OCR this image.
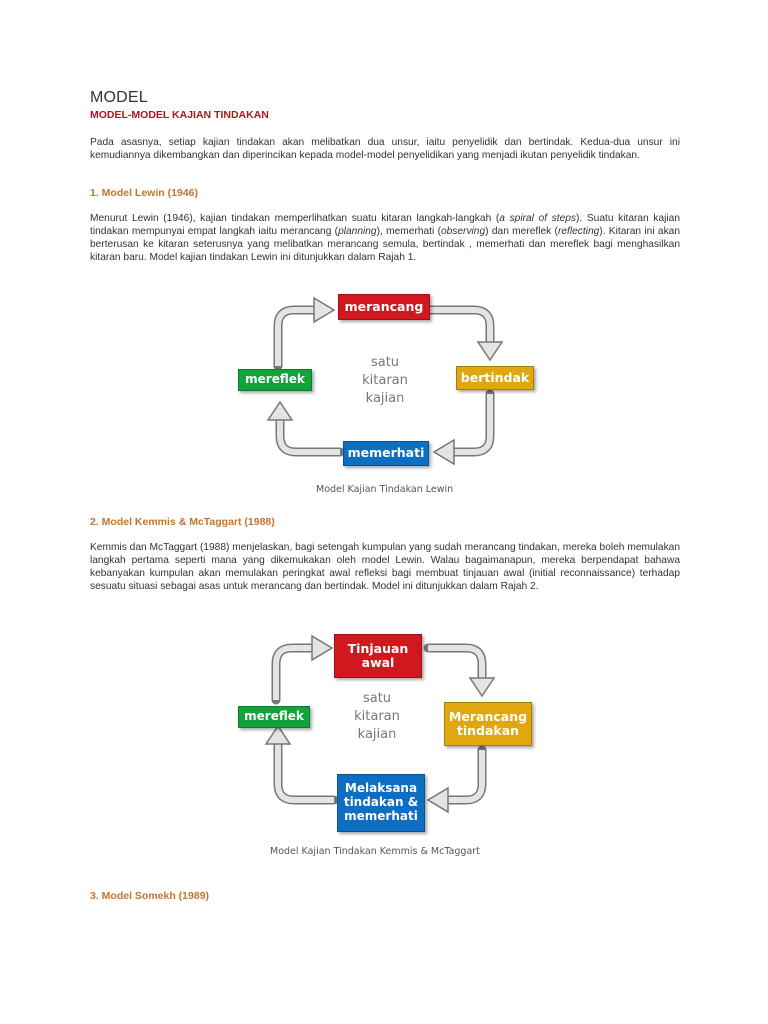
MODEL

MODEL-MODEL KAJIAN TINDAKAN

Pada asasnya, setiap kajian tindakan akan melibatkan dua unsur, iaitu penyelidik dan bertindak. Kedua-dua unsur ini kemudiannya dikembangkan dan diperincikan kepada model-model penyelidikan yang menjadi ikutan penyelidik tindakan.

1. Model Lewin (1946)

Menurut Lewin (1946), kajian tindakan memperlihatkan suatu kitaran langkah-langkah (a spiral of steps). Suatu kitaran kajian tindakan mempunyai empat langkah iaitu merancang (planning), memerhati (observing) dan mereflek (reflecting). Kitaran ini akan berterusan ke kitaran seterusnya yang melibatkan merancang semula, bertindak , memerhati dan mereflek bagi menghasilkan kitaran baru. Model kajian tindakan Lewin ini ditunjukkan dalam Rajah 1.

merancang
bertindak
memerhati
mereflek
satu
kitaran
kajian
Model Kajian Tindakan Lewin

2. Model Kemmis & McTaggart (1988)

Kemmis dan McTaggart (1988) menjelaskan, bagi setengah kumpulan yang sudah merancang tindakan, mereka boleh memulakan langkah pertama seperti mana yang dikemukakan oleh model Lewin. Walau bagaimanapun, mereka berpendapat bahawa kebanyakan kumpulan akan memulakan peringkat awal refleksi bagi membuat tinjauan awal (initial reconnaissance) terhadap sesuatu situasi sebagai asas untuk merancang dan bertindak. Model ini ditunjukkan dalam Rajah 2.

Tinjauan
awal
Merancang
tindakan
Melaksana
tindakan &
memerhati
mereflek
satu
kitaran
kajian
Model Kajian Tindakan Kemmis & McTaggart

3. Model Somekh (1989)
